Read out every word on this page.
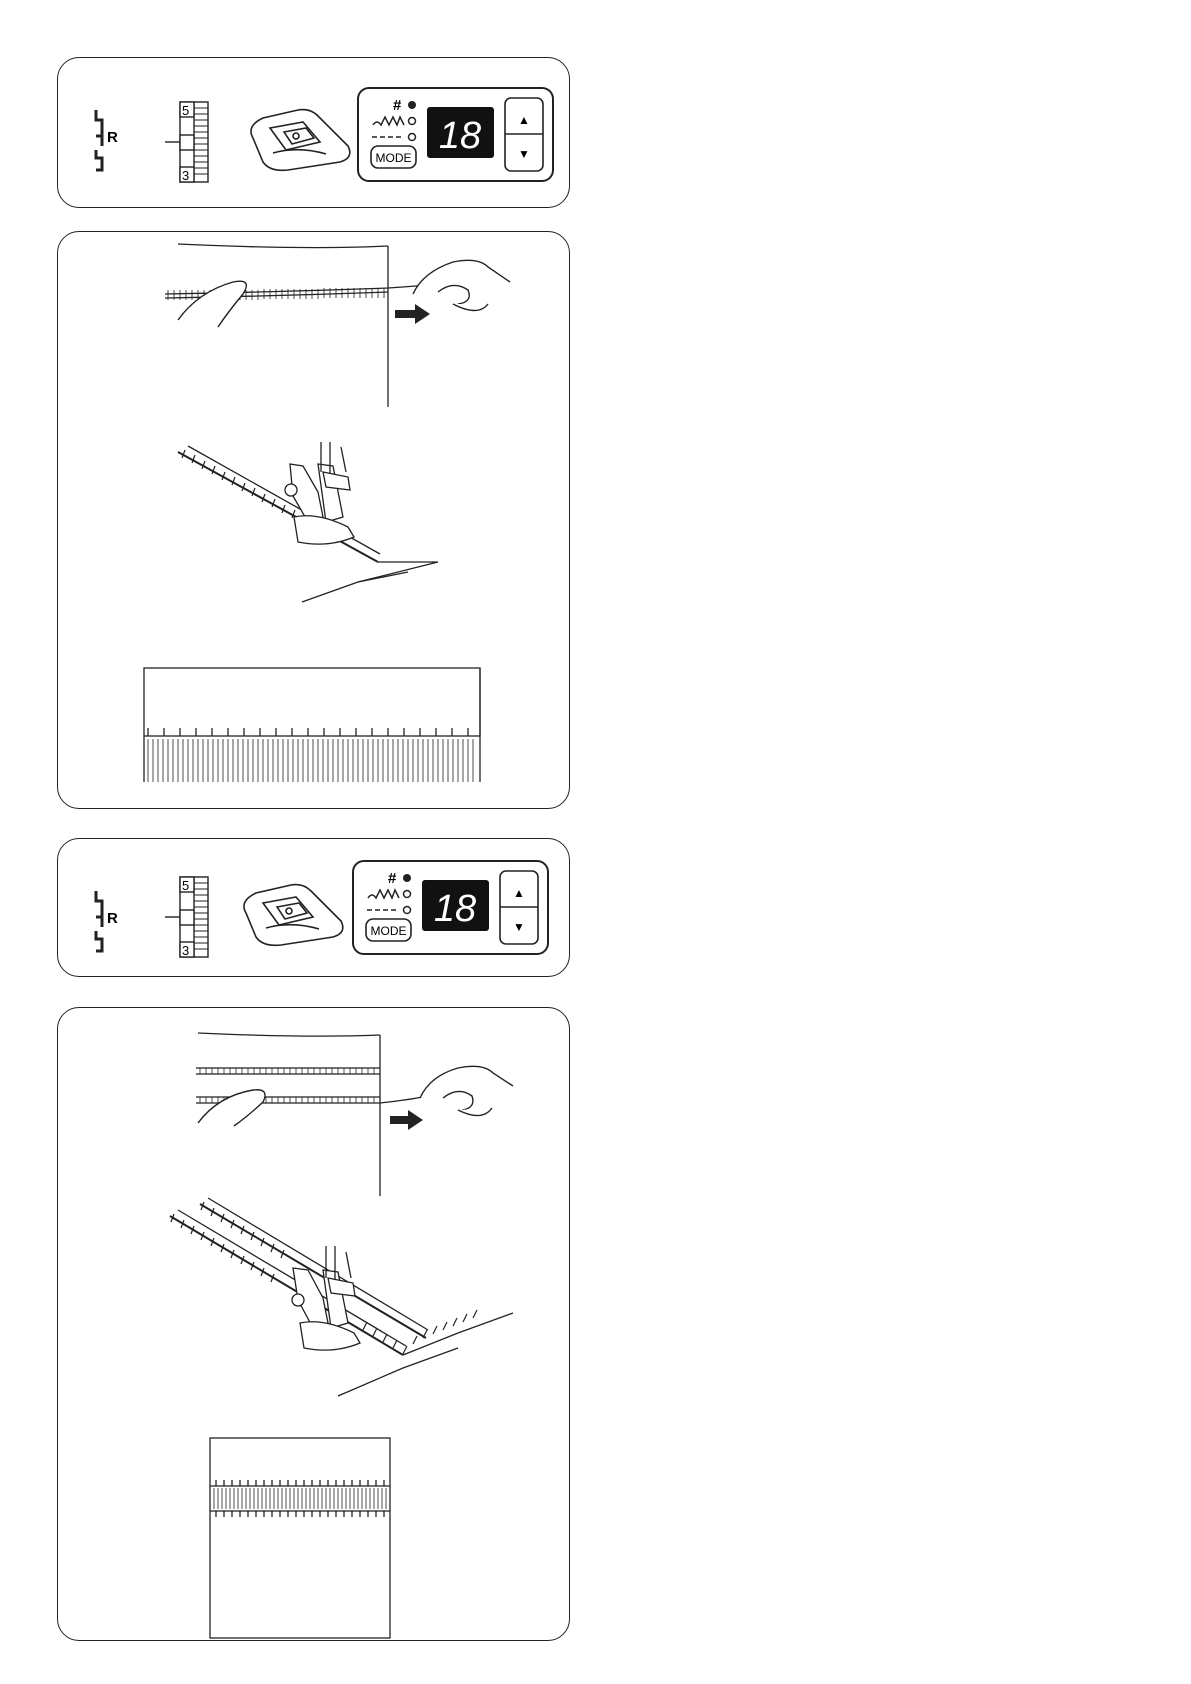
R
5
3
#
MODE
18	▲
▼
R
5
3
#
MODE
18	▲
▼
